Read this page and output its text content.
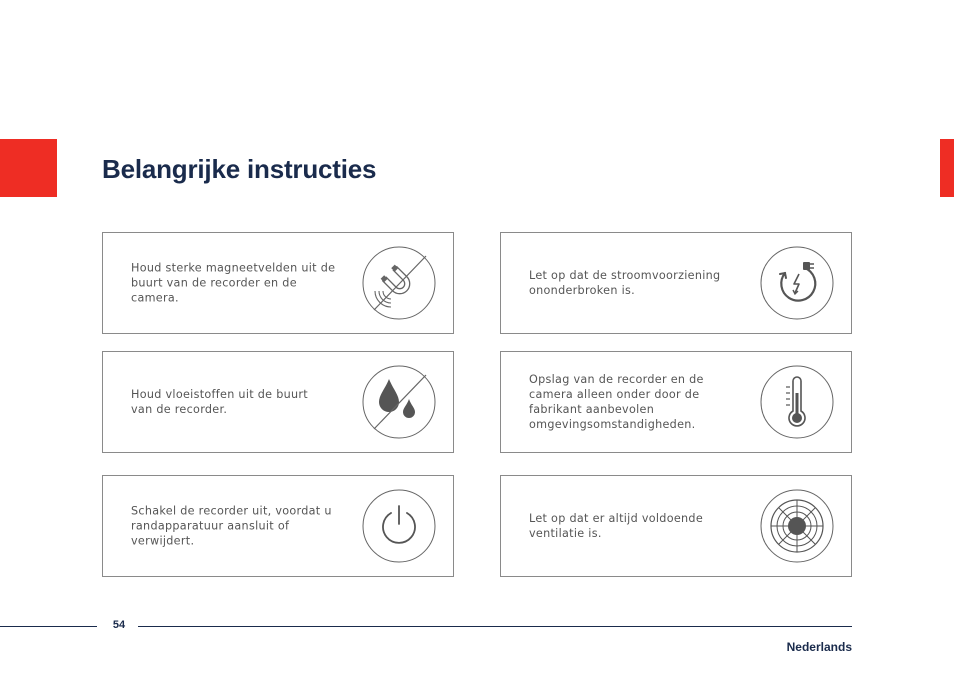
Belangrijke instructies
Houd sterke magneetvelden uit de
buurt van de recorder en de camera.
Let op dat de stroomvoorziening
ononderbroken is.
Houd vloeistoffen uit de buurt
van de recorder.
Opslag van de recorder en de
camera alleen onder door de
fabrikant aanbevolen
omgevingsomstandigheden.
Schakel de recorder uit, voordat u
randapparatuur aansluit of verwijdert.
Let op dat er altijd voldoende
ventilatie is.
54
Nederlands
